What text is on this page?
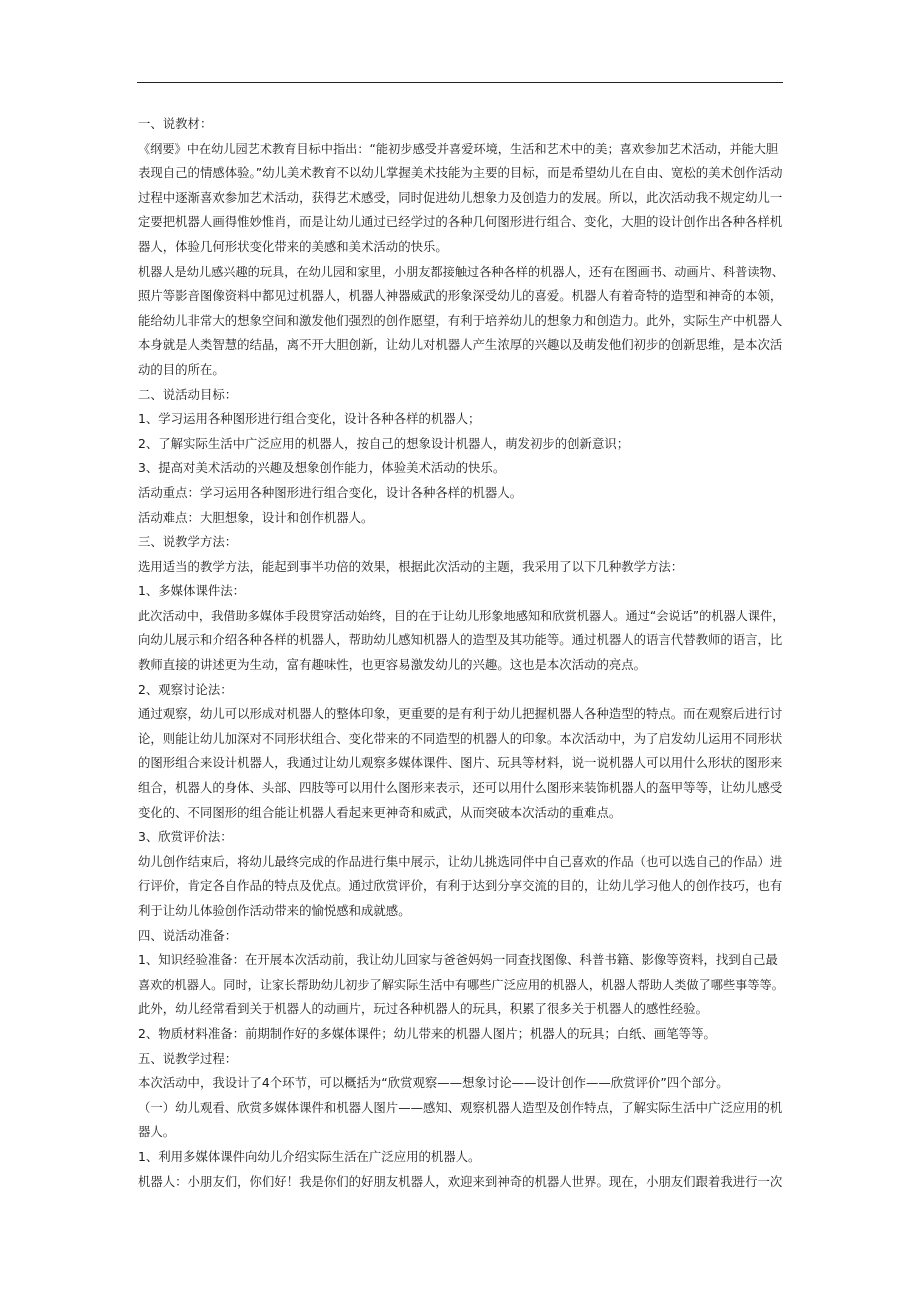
一、说教材：

《纲要》中在幼儿园艺术教育目标中指出：“能初步感受并喜爱环境，生活和艺术中的美；喜欢参加艺术活动，并能大胆

表现自己的情感体验。”幼儿美术教育不以幼儿掌握美术技能为主要的目标，而是希望幼儿在自由、宽松的美术创作活动

过程中逐渐喜欢参加艺术活动，获得艺术感受，同时促进幼儿想象力及创造力的发展。所以，此次活动我不规定幼儿一

定要把机器人画得惟妙惟肖，而是让幼儿通过已经学过的各种几何图形进行组合、变化，大胆的设计创作出各种各样机

器人，体验几何形状变化带来的美感和美术活动的快乐。

机器人是幼儿感兴趣的玩具，在幼儿园和家里，小朋友都接触过各种各样的机器人，还有在图画书、动画片、科普读物、

照片等影音图像资料中都见过机器人，机器人神器威武的形象深受幼儿的喜爱。机器人有着奇特的造型和神奇的本领，

能给幼儿非常大的想象空间和激发他们强烈的创作愿望，有利于培养幼儿的想象力和创造力。此外，实际生产中机器人

本身就是人类智慧的结晶，离不开大胆创新，让幼儿对机器人产生浓厚的兴趣以及萌发他们初步的创新思维，是本次活

动的目的所在。

二、说活动目标：

1、学习运用各种图形进行组合变化，设计各种各样的机器人；

2、了解实际生活中广泛应用的机器人，按自己的想象设计机器人，萌发初步的创新意识；

3、提高对美术活动的兴趣及想象创作能力，体验美术活动的快乐。

活动重点：学习运用各种图形进行组合变化，设计各种各样的机器人。

活动难点：大胆想象，设计和创作机器人。

三、说教学方法：

选用适当的教学方法，能起到事半功倍的效果，根据此次活动的主题，我采用了以下几种教学方法：

1、多媒体课件法：

此次活动中，我借助多媒体手段贯穿活动始终，目的在于让幼儿形象地感知和欣赏机器人。通过“会说话”的机器人课件，

向幼儿展示和介绍各种各样的机器人，帮助幼儿感知机器人的造型及其功能等。通过机器人的语言代替教师的语言，比

教师直接的讲述更为生动，富有趣味性，也更容易激发幼儿的兴趣。这也是本次活动的亮点。

2、观察讨论法：

通过观察，幼儿可以形成对机器人的整体印象，更重要的是有利于幼儿把握机器人各种造型的特点。而在观察后进行讨

论，则能让幼儿加深对不同形状组合、变化带来的不同造型的机器人的印象。本次活动中，为了启发幼儿运用不同形状

的图形组合来设计机器人，我通过让幼儿观察多媒体课件、图片、玩具等材料，说一说机器人可以用什么形状的图形来

组合，机器人的身体、头部、四肢等可以用什么图形来表示，还可以用什么图形来装饰机器人的盔甲等等，让幼儿感受

变化的、不同图形的组合能让机器人看起来更神奇和威武，从而突破本次活动的重难点。

3、欣赏评价法：

幼儿创作结束后，将幼儿最终完成的作品进行集中展示，让幼儿挑选同伴中自己喜欢的作品（也可以选自己的作品）进

行评价，肯定各自作品的特点及优点。通过欣赏评价，有利于达到分享交流的目的，让幼儿学习他人的创作技巧，也有

利于让幼儿体验创作活动带来的愉悦感和成就感。

四、说活动准备：

1、知识经验准备：在开展本次活动前，我让幼儿回家与爸爸妈妈一同查找图像、科普书籍、影像等资料，找到自己最

喜欢的机器人。同时，让家长帮助幼儿初步了解实际生活中有哪些广泛应用的机器人，机器人帮助人类做了哪些事等等。

此外，幼儿经常看到关于机器人的动画片，玩过各种机器人的玩具，积累了很多关于机器人的感性经验。

2、物质材料准备：前期制作好的多媒体课件；幼儿带来的机器人图片；机器人的玩具；白纸、画笔等等。

五、说教学过程：

本次活动中，我设计了4个环节，可以概括为“欣赏观察——想象讨论——设计创作——欣赏评价”四个部分。

（一）幼儿观看、欣赏多媒体课件和机器人图片——感知、观察机器人造型及创作特点，了解实际生活中广泛应用的机

器人。

1、利用多媒体课件向幼儿介绍实际生活在广泛应用的机器人。

机器人：小朋友们，你们好！我是你们的好朋友机器人，欢迎来到神奇的机器人世界。现在，小朋友们跟着我进行一次
